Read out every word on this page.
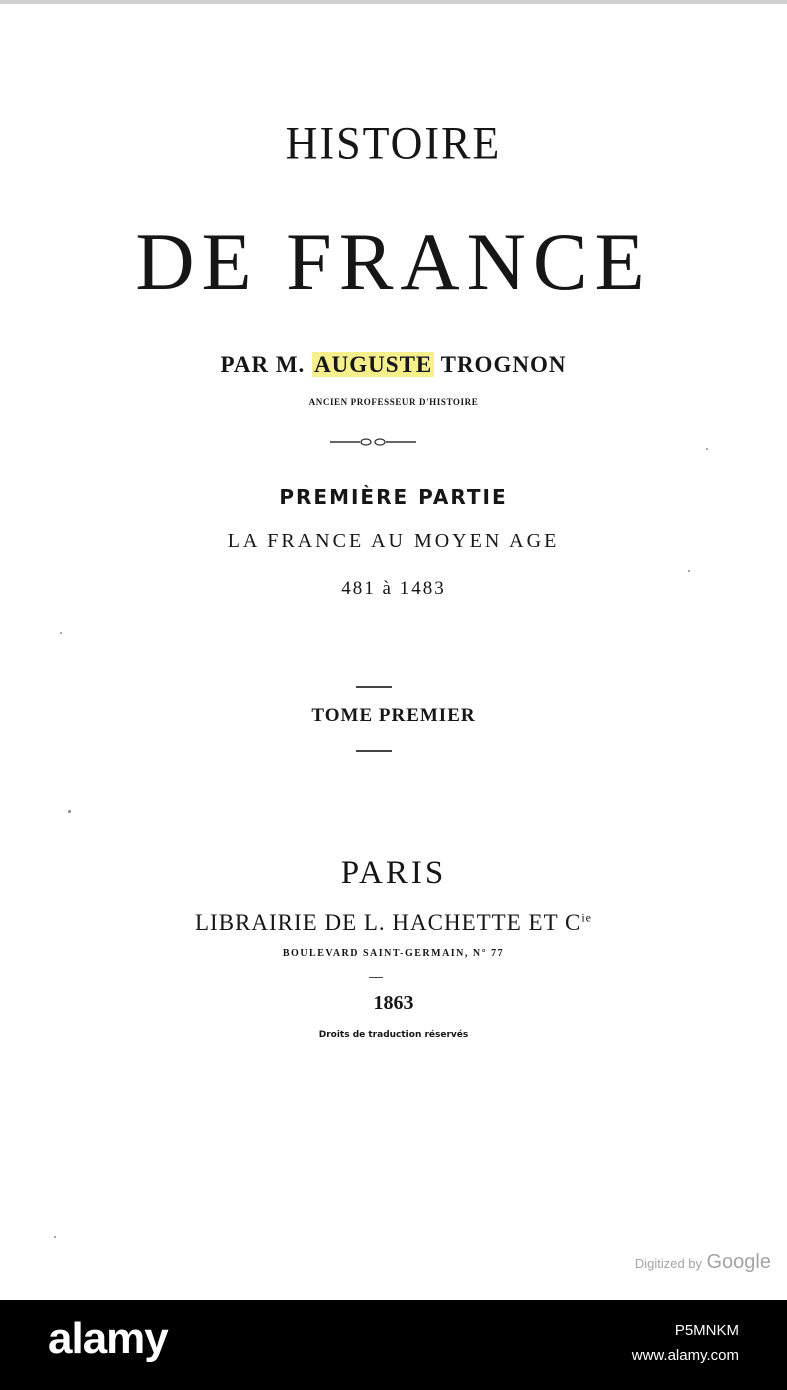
HISTOIRE
DE FRANCE
PAR M. AUGUSTE TROGNON
ANCIEN PROFESSEUR D'HISTOIRE
PREMIÈRE PARTIE
LA FRANCE AU MOYEN AGE
481 à 1483
TOME PREMIER
PARIS
LIBRAIRIE DE L. HACHETTE ET $C^{ie}$
BOULEVARD SAINT-GERMAIN, N° 77
1863
Droits de traduction réservés
Digitized by Google
alamy	P5MNKM
www.alamy.com
